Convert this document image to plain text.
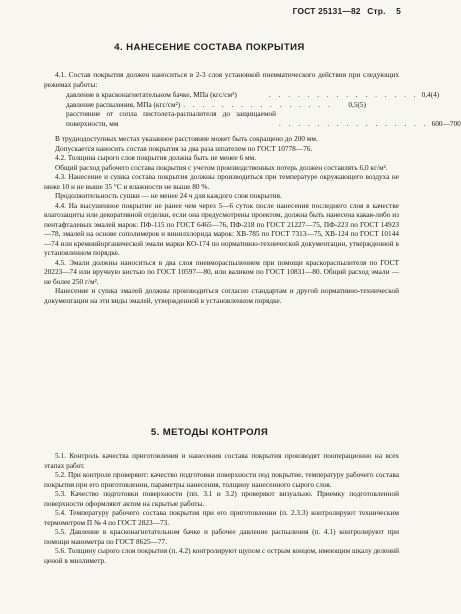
ГОСТ 25131—82 Стр. 5
4. НАНЕСЕНИЕ СОСТАВА ПОКРЫТИЯ

4.1. Состав покрытия должен наноситься в 2-3 слоя установкой пневматического действия при следующих режимах работы:

давление в красконагнетательном бачке, МПа (кгс/см²)	. . . . . . . . . . . . . . . . 0,4(4)
давление распыления, МПа (кгс/см²) . . . . . . . . . . . . . . . .	0,5(5)
расстояние от сопла пистолета-распылителя до защищаемой поверхности, мм	. . . . . . . . . . . . . . . . 600—700

В труднодоступных местах указанное расстояние может быть сокращено до 200 мм.

Допускается наносить состав покрытия за два раза шпателем по ГОСТ 10778—76.

4.2. Толщина сырого слоя покрытия должна быть не менее 6 мм.

Общий расход рабочего состава покрытия с учетом производственных потерь должен составлять 6,0 кг/м².

4.3. Нанесение и сушка состава покрытия должны производиться при температуре окружающего воздуха не ниже 10 и не выше 35 °С и влажности не выше 80 %.

Продолжительность сушки — не менее 24 ч для каждого слоя покрытия.

4.4. На высушенное покрытие не ранее чем через 5—6 суток после нанесения последнего слоя в качестве влагозащиты или декоративной отделки, если она предусмотрены проектом, должна быть нанесена какая-либо из пентафталевых эмалей марок: ПФ-115 по ГОСТ 6465—76, ПФ-218 по ГОСТ 21227—75, ПФ-223 по ГОСТ 14923—78, эмалей на основе сополимеров и винилхлорида марок: ХВ-785 по ГОСТ 7313—75, ХВ-124 по ГОСТ 10144—74 или кремнийорганической эмали марки КО-174 по нормативно-технической документации, утвержденной в установленном порядке.

4.5. Эмали должны наноситься в два слоя пневмораспылением при помощи краскораспылителя по ГОСТ 20223—74 или вручную кистью по ГОСТ 10597—80, или валиком по ГОСТ 10831—80. Общий расход эмали — не более 250 г/м².

Нанесение и сушка эмалей должны производиться согласно стандартам и другой нормативно-технической документации на эти виды эмалей, утвержденной в установленном порядке.

5. МЕТОДЫ КОНТРОЛЯ

5.1. Контроль качества приготовления и нанесения состава покрытия производят пооперационно на всех этапах работ.

5.2. При контроле проверяют: качество подготовки поверхности под покрытие, температуру рабочего состава покрытия при его приготовлении, параметры нанесения, толщину нанесенного сырого слоя.

5.3. Качество подготовки поверхности (пп. 3.1 и 3.2) проверяют визуально. Приемку подготовленной поверхности оформляют актом на скрытые работы.

5.4. Температуру рабочего состава покрытия при его приготовлении (п. 2.3.3) контролируют техническим термометром П № 4 по ГОСТ 2823—73.

5.5. Давление в красконагнетательном бачке и рабочее давление распыления (п. 4.1) контролируют при помощи манометра по ГОСТ 8625—77.

5.6. Толщину сырого слоя покрытия (п. 4.2) контролируют щупом с острым концом, имеющим шкалу делений ценой в миллиметр.
